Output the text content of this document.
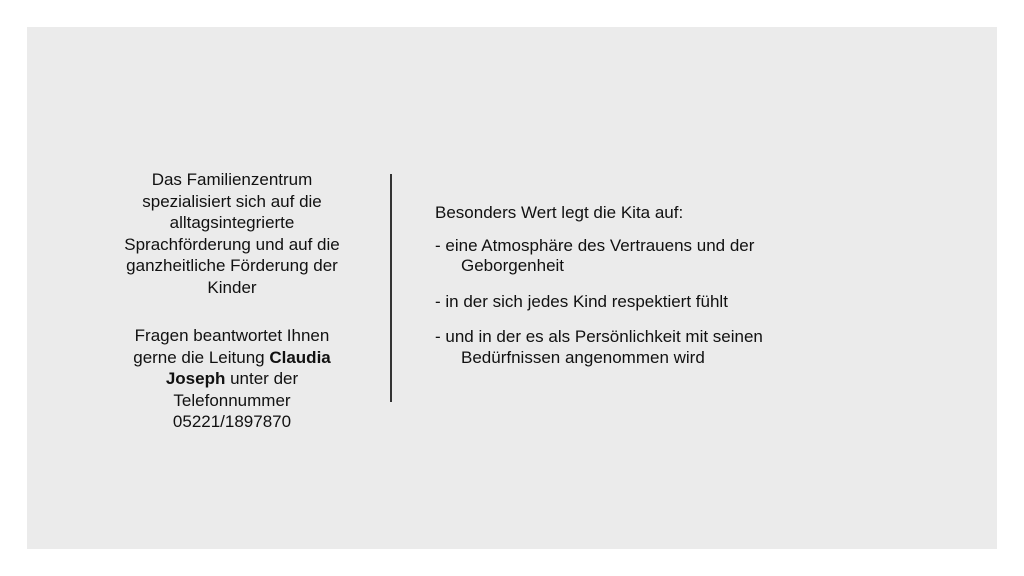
Das Familienzentrum spezialisiert sich auf die alltagsintegrierte Sprachförderung und auf die ganzheitliche Förderung der Kinder

Fragen beantwortet Ihnen gerne die Leitung Claudia Joseph unter der Telefonnummer 05221/1897870

Besonders Wert legt die Kita auf:

- eine Atmosphäre des Vertrauens und der Geborgenheit
- in der sich jedes Kind respektiert fühlt
- und in der es als Persönlichkeit mit seinen Bedürfnissen angenommen wird
